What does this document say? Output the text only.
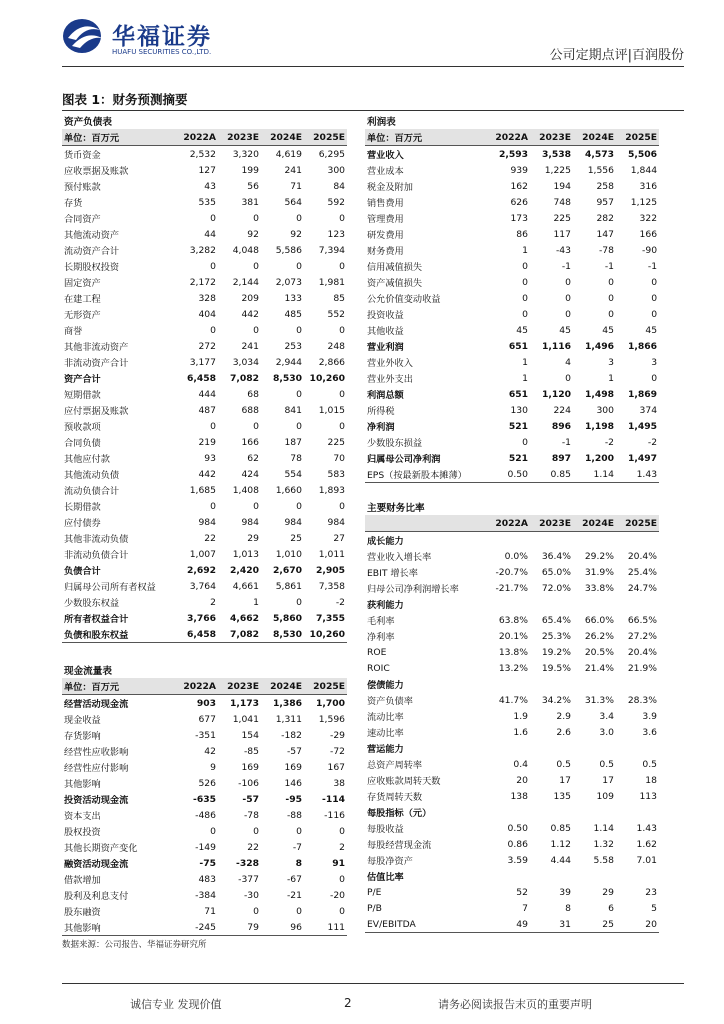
华福证券
HUAFU SECURITIES CO.,LTD.	公司定期点评|百润股份
图表 1：财务预测摘要
资产负债表				
单位：百万元	2022A	2023E	2024E	2025E
货币资金	2,532	3,320	4,619	6,295
应收票据及账款	127	199	241	300
预付账款	43	56	71	84
存货	535	381	564	592
合同资产	0	0	0	0
其他流动资产	44	92	92	123
流动资产合计	3,282	4,048	5,586	7,394
长期股权投资	0	0	0	0
固定资产	2,172	2,144	2,073	1,981
在建工程	328	209	133	85
无形资产	404	442	485	552
商誉	0	0	0	0
其他非流动资产	272	241	253	248
非流动资产合计	3,177	3,034	2,944	2,866
资产合计	6,458	7,082	8,530	10,260
短期借款	444	68	0	0
应付票据及账款	487	688	841	1,015
预收款项	0	0	0	0
合同负债	219	166	187	225
其他应付款	93	62	78	70
其他流动负债	442	424	554	583
流动负债合计	1,685	1,408	1,660	1,893
长期借款	0	0	0	0
应付债券	984	984	984	984
其他非流动负债	22	29	25	27
非流动负债合计	1,007	1,013	1,010	1,011
负债合计	2,692	2,420	2,670	2,905
归属母公司所有者权益	3,764	4,661	5,861	7,358
少数股东权益	2	1	0	-2
所有者权益合计	3,766	4,662	5,860	7,355
负债和股东权益	6,458	7,082	8,530	10,260
利润表				
单位：百万元	2022A	2023E	2024E	2025E
营业收入	2,593	3,538	4,573	5,506
营业成本	939	1,225	1,556	1,844
税金及附加	162	194	258	316
销售费用	626	748	957	1,125
管理费用	173	225	282	322
研发费用	86	117	147	166
财务费用	1	-43	-78	-90
信用减值损失	0	-1	-1	-1
资产减值损失	0	0	0	0
公允价值变动收益	0	0	0	0
投资收益	0	0	0	0
其他收益	45	45	45	45
营业利润	651	1,116	1,496	1,866
营业外收入	1	4	3	3
营业外支出	1	0	1	0
利润总额	651	1,120	1,498	1,869
所得税	130	224	300	374
净利润	521	896	1,198	1,495
少数股东损益	0	-1	-2	-2
归属母公司净利润	521	897	1,200	1,497
EPS（按最新股本摊薄）	0.50	0.85	1.14	1.43
主要财务比率				
	2022A	2023E	2024E	2025E
成长能力				
营业收入增长率	0.0%	36.4%	29.2%	20.4%
EBIT 增长率	-20.7%	65.0%	31.9%	25.4%
归母公司净利润增长率	-21.7%	72.0%	33.8%	24.7%
获利能力				
毛利率	63.8%	65.4%	66.0%	66.5%
净利率	20.1%	25.3%	26.2%	27.2%
ROE	13.8%	19.2%	20.5%	20.4%
ROIC	13.2%	19.5%	21.4%	21.9%
偿债能力				
资产负债率	41.7%	34.2%	31.3%	28.3%
流动比率	1.9	2.9	3.4	3.9
速动比率	1.6	2.6	3.0	3.6
营运能力				
总资产周转率	0.4	0.5	0.5	0.5
应收账款周转天数	20	17	17	18
存货周转天数	138	135	109	113
每股指标（元）				
每股收益	0.50	0.85	1.14	1.43
每股经营现金流	0.86	1.12	1.32	1.62
每股净资产	3.59	4.44	5.58	7.01
估值比率				
P/E	52	39	29	23
P/B	7	8	6	5
EV/EBITDA	49	31	25	20
现金流量表				
单位：百万元	2022A	2023E	2024E	2025E
经营活动现金流	903	1,173	1,386	1,700
现金收益	677	1,041	1,311	1,596
存货影响	-351	154	-182	-29
经营性应收影响	42	-85	-57	-72
经营性应付影响	9	169	169	167
其他影响	526	-106	146	38
投资活动现金流	-635	-57	-95	-114
资本支出	-486	-78	-88	-116
股权投资	0	0	0	0
其他长期资产变化	-149	22	-7	2
融资活动现金流	-75	-328	8	91
借款增加	483	-377	-67	0
股利及利息支付	-384	-30	-21	-20
股东融资	71	0	0	0
其他影响	-245	79	96	111
数据来源：公司报告、华福证券研究所
诚信专业 发现价值	2	请务必阅读报告末页的重要声明
